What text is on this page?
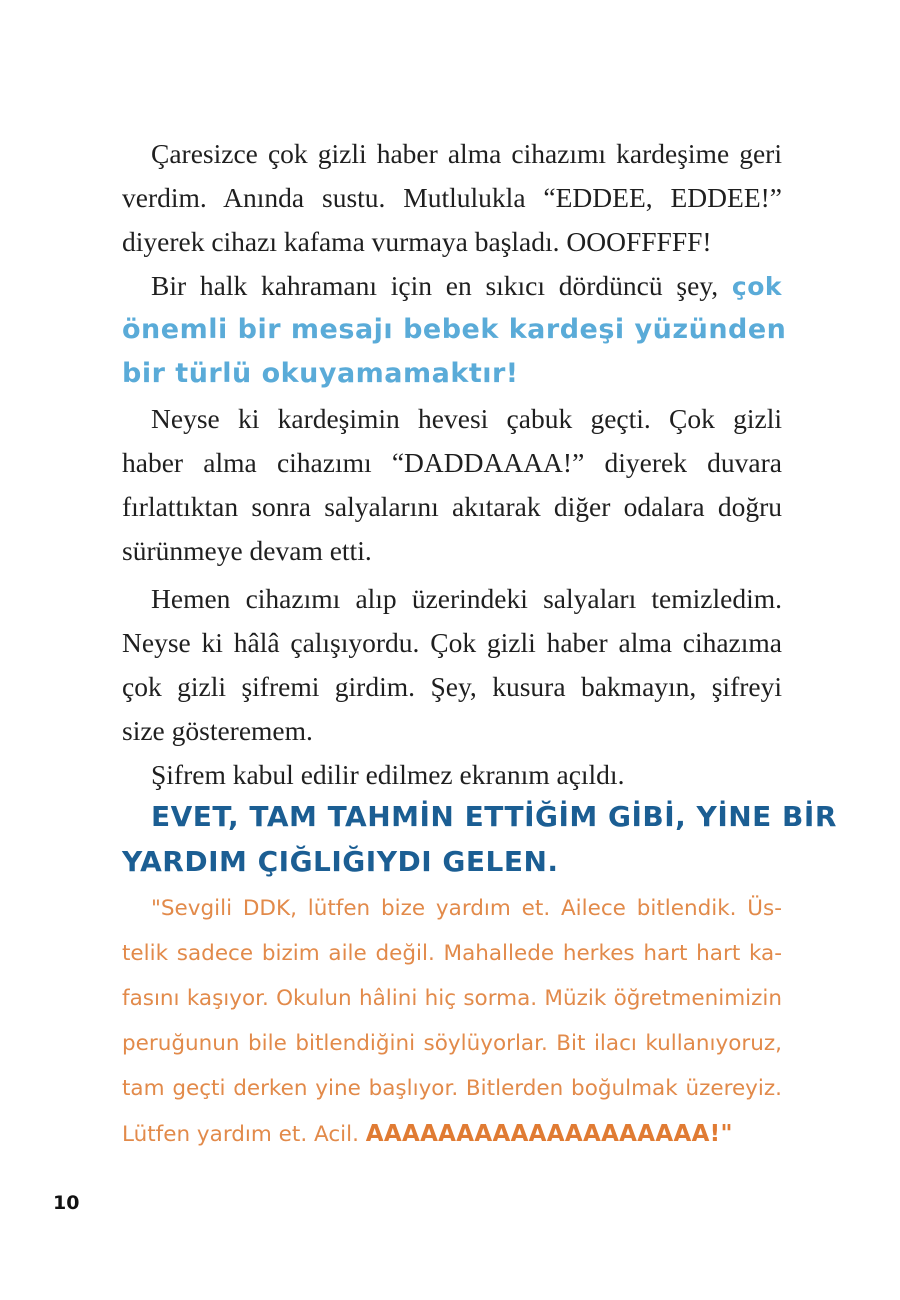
Çaresizce çok gizli haber alma cihazımı kardeşime geri
verdim. Anında sustu. Mutlulukla “EDDEE, EDDEE!”
diyerek cihazı kafama vurmaya başladı. OOOFFFFF!
Bir halk kahramanı için en sıkıcı dördüncü şey, çok
önemli bir mesajı bebek kardeşi yüzünden
bir türlü okuyamamaktır!
Neyse ki kardeşimin hevesi çabuk geçti. Çok gizli
haber alma cihazımı “DADDAAAA!” diyerek duvara
fırlattıktan sonra salyalarını akıtarak diğer odalara doğru
sürünmeye devam etti.
Hemen cihazımı alıp üzerindeki salyaları temizledim.
Neyse ki hâlâ çalışıyordu. Çok gizli haber alma cihazıma
çok gizli şifremi girdim. Şey, kusura bakmayın, şifreyi
size gösteremem.
Şifrem kabul edilir edilmez ekranım açıldı.
EVET, TAM TAHMİN ETTİĞİM GİBİ, YİNE BİR
YARDIM ÇIĞLIĞIYDI GELEN.
"Sevgili DDK, lütfen bize yardım et. Ailece bitlendik. Üs-
telik sadece bizim aile değil. Mahallede herkes hart hart ka-
fasını kaşıyor. Okulun hâlini hiç sorma. Müzik öğretmenimizin
peruğunun bile bitlendiğini söylüyorlar. Bit ilacı kullanıyoruz,
tam geçti derken yine başlıyor. Bitlerden boğulmak üzereyiz.
Lütfen yardım et. Acil. AAAAAAAAAAAAAAAAAAA!"
10
